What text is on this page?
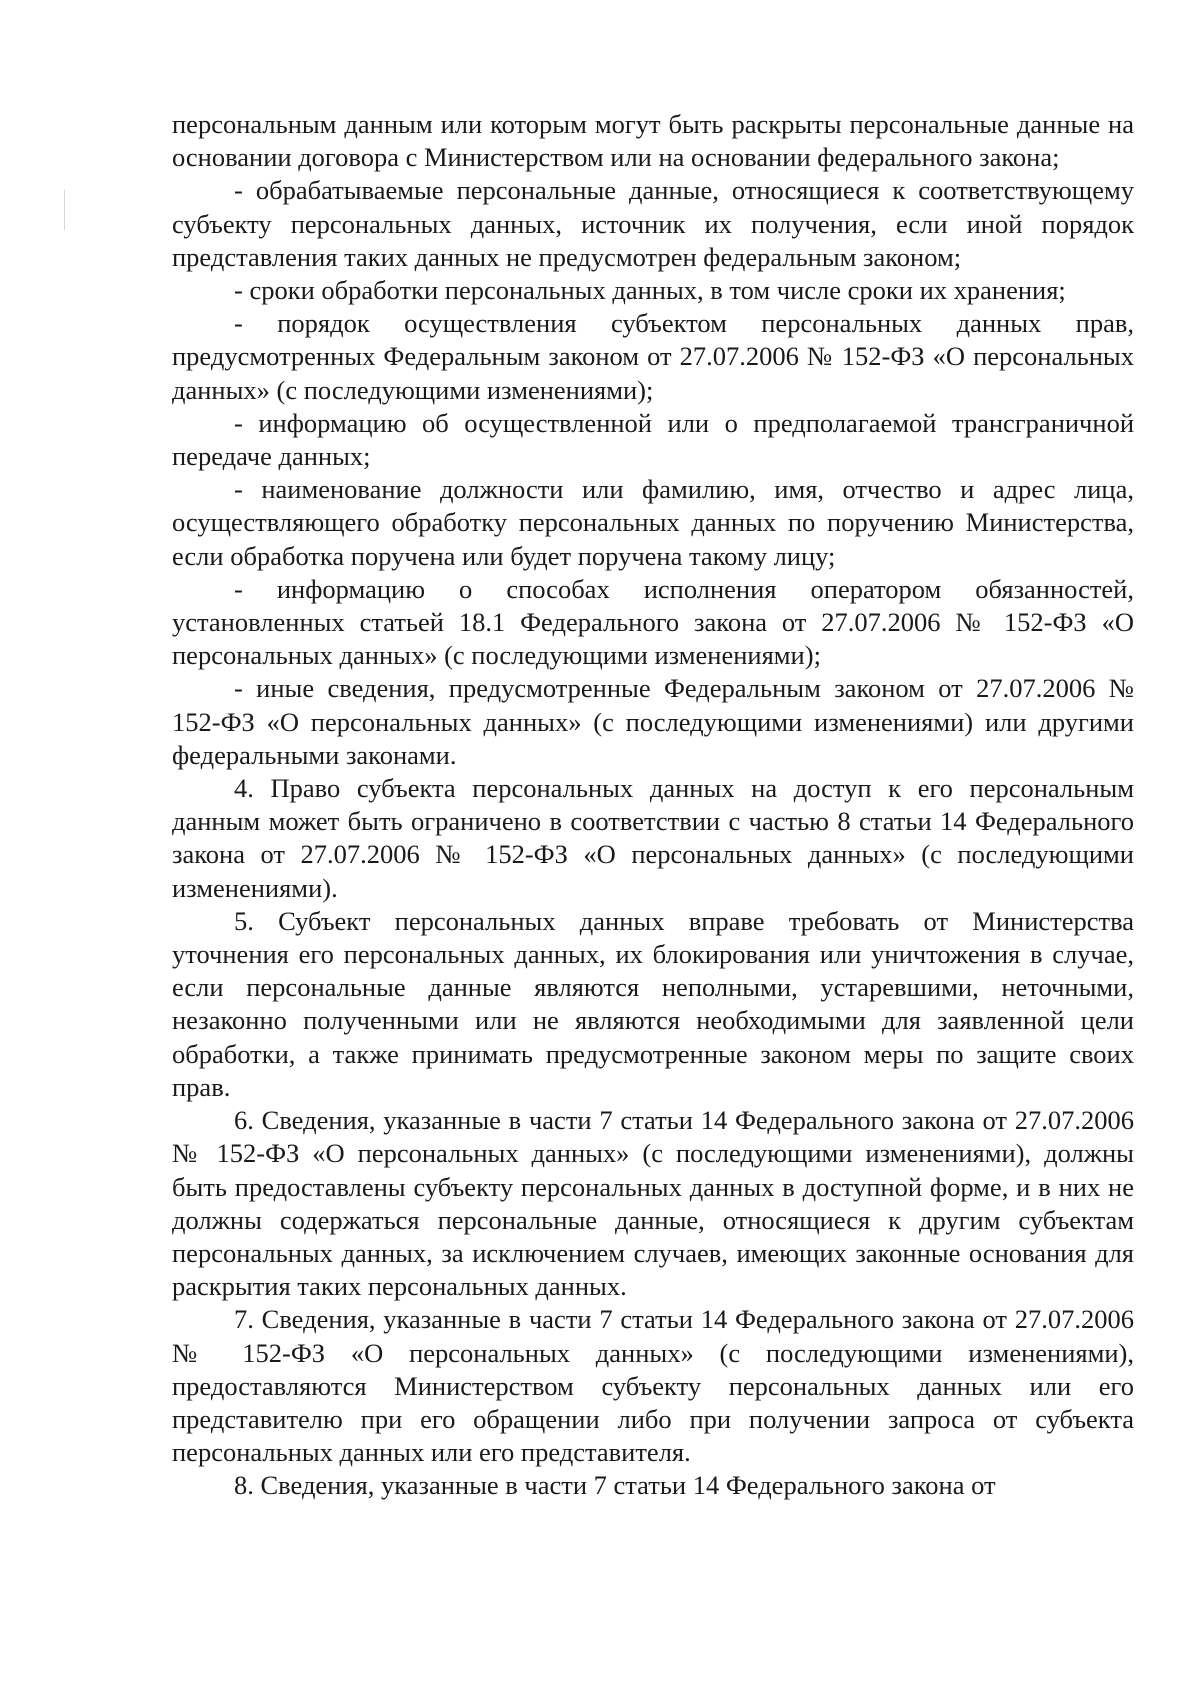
персональным данным или которым могут быть раскрыты персональные данные на основании договора с Министерством или на основании федерального закона;

- обрабатываемые персональные данные, относящиеся к соответствующему субъекту персональных данных, источник их получения, если иной порядок представления таких данных не предусмотрен федеральным законом;

- сроки обработки персональных данных, в том числе сроки их хранения;

- порядок осуществления субъектом персональных данных прав, предусмотренных Федеральным законом от 27.07.2006 № 152-ФЗ «О персональных данных» (с последующими изменениями);

- информацию об осуществленной или о предполагаемой трансграничной передаче данных;

- наименование должности или фамилию, имя, отчество и адрес лица, осуществляющего обработку персональных данных по поручению Министерства, если обработка поручена или будет поручена такому лицу;

- информацию о способах исполнения оператором обязанностей, установленных статьей 18.1 Федерального закона от 27.07.2006 № 152-ФЗ «О персональных данных» (с последующими изменениями);

- иные сведения, предусмотренные Федеральным законом от 27.07.2006 № 152-ФЗ «О персональных данных» (с последующими изменениями) или другими федеральными законами.

4. Право субъекта персональных данных на доступ к его персональным данным может быть ограничено в соответствии с частью 8 статьи 14 Федерального закона от 27.07.2006 № 152-ФЗ «О персональных данных» (с последующими изменениями).

5. Субъект персональных данных вправе требовать от Министерства уточнения его персональных данных, их блокирования или уничтожения в случае, если персональные данные являются неполными, устаревшими, неточными, незаконно полученными или не являются необходимыми для заявленной цели обработки, а также принимать предусмотренные законом меры по защите своих прав.

6. Сведения, указанные в части 7 статьи 14 Федерального закона от 27.07.2006 № 152-ФЗ «О персональных данных» (с последующими изменениями), должны быть предоставлены субъекту персональных данных в доступной форме, и в них не должны содержаться персональные данные, относящиеся к другим субъектам персональных данных, за исключением случаев, имеющих законные основания для раскрытия таких персональных данных.

7. Сведения, указанные в части 7 статьи 14 Федерального закона от 27.07.2006 № 152-ФЗ «О персональных данных» (с последующими изменениями), предоставляются Министерством субъекту персональных данных или его представителю при его обращении либо при получении запроса от субъекта персональных данных или его представителя.

8. Сведения, указанные в части 7 статьи 14 Федерального закона от
